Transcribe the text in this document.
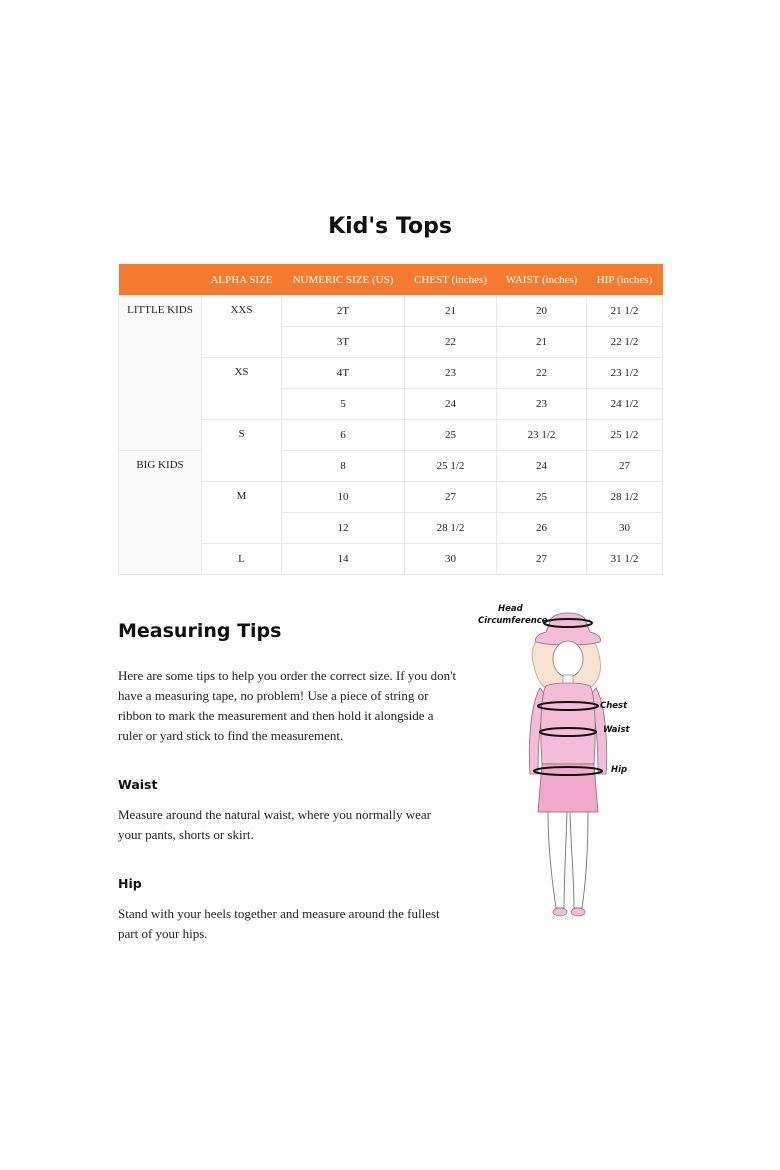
Kid's Tops
	ALPHA SIZE	NUMERIC SIZE (US)	CHEST (inches)	WAIST (inches)	HIP (inches)
LITTLE KIDS	XXS	2T	21	20	21 1/2
		3T	22	21	22 1/2
	XS	4T	23	22	23 1/2
		5	24	23	24 1/2
	S	6	25	23 1/2	25 1/2
BIG KIDS		8	25 1/2	24	27
	M	10	27	25	28 1/2
		12	28 1/2	26	30
	L	14	30	27	31 1/2
Measuring Tips

Here are some tips to help you order the correct size. If you don't have a measuring tape, no problem! Use a piece of string or ribbon to mark the measurement and then hold it alongside a ruler or yard stick to find the measurement.

Waist

Measure around the natural waist, where you normally wear your pants, shorts or skirt.

Hip

Stand with your heels together and measure around the fullest part of your hips.

Head
Circumference
Chest
Waist
Hip
